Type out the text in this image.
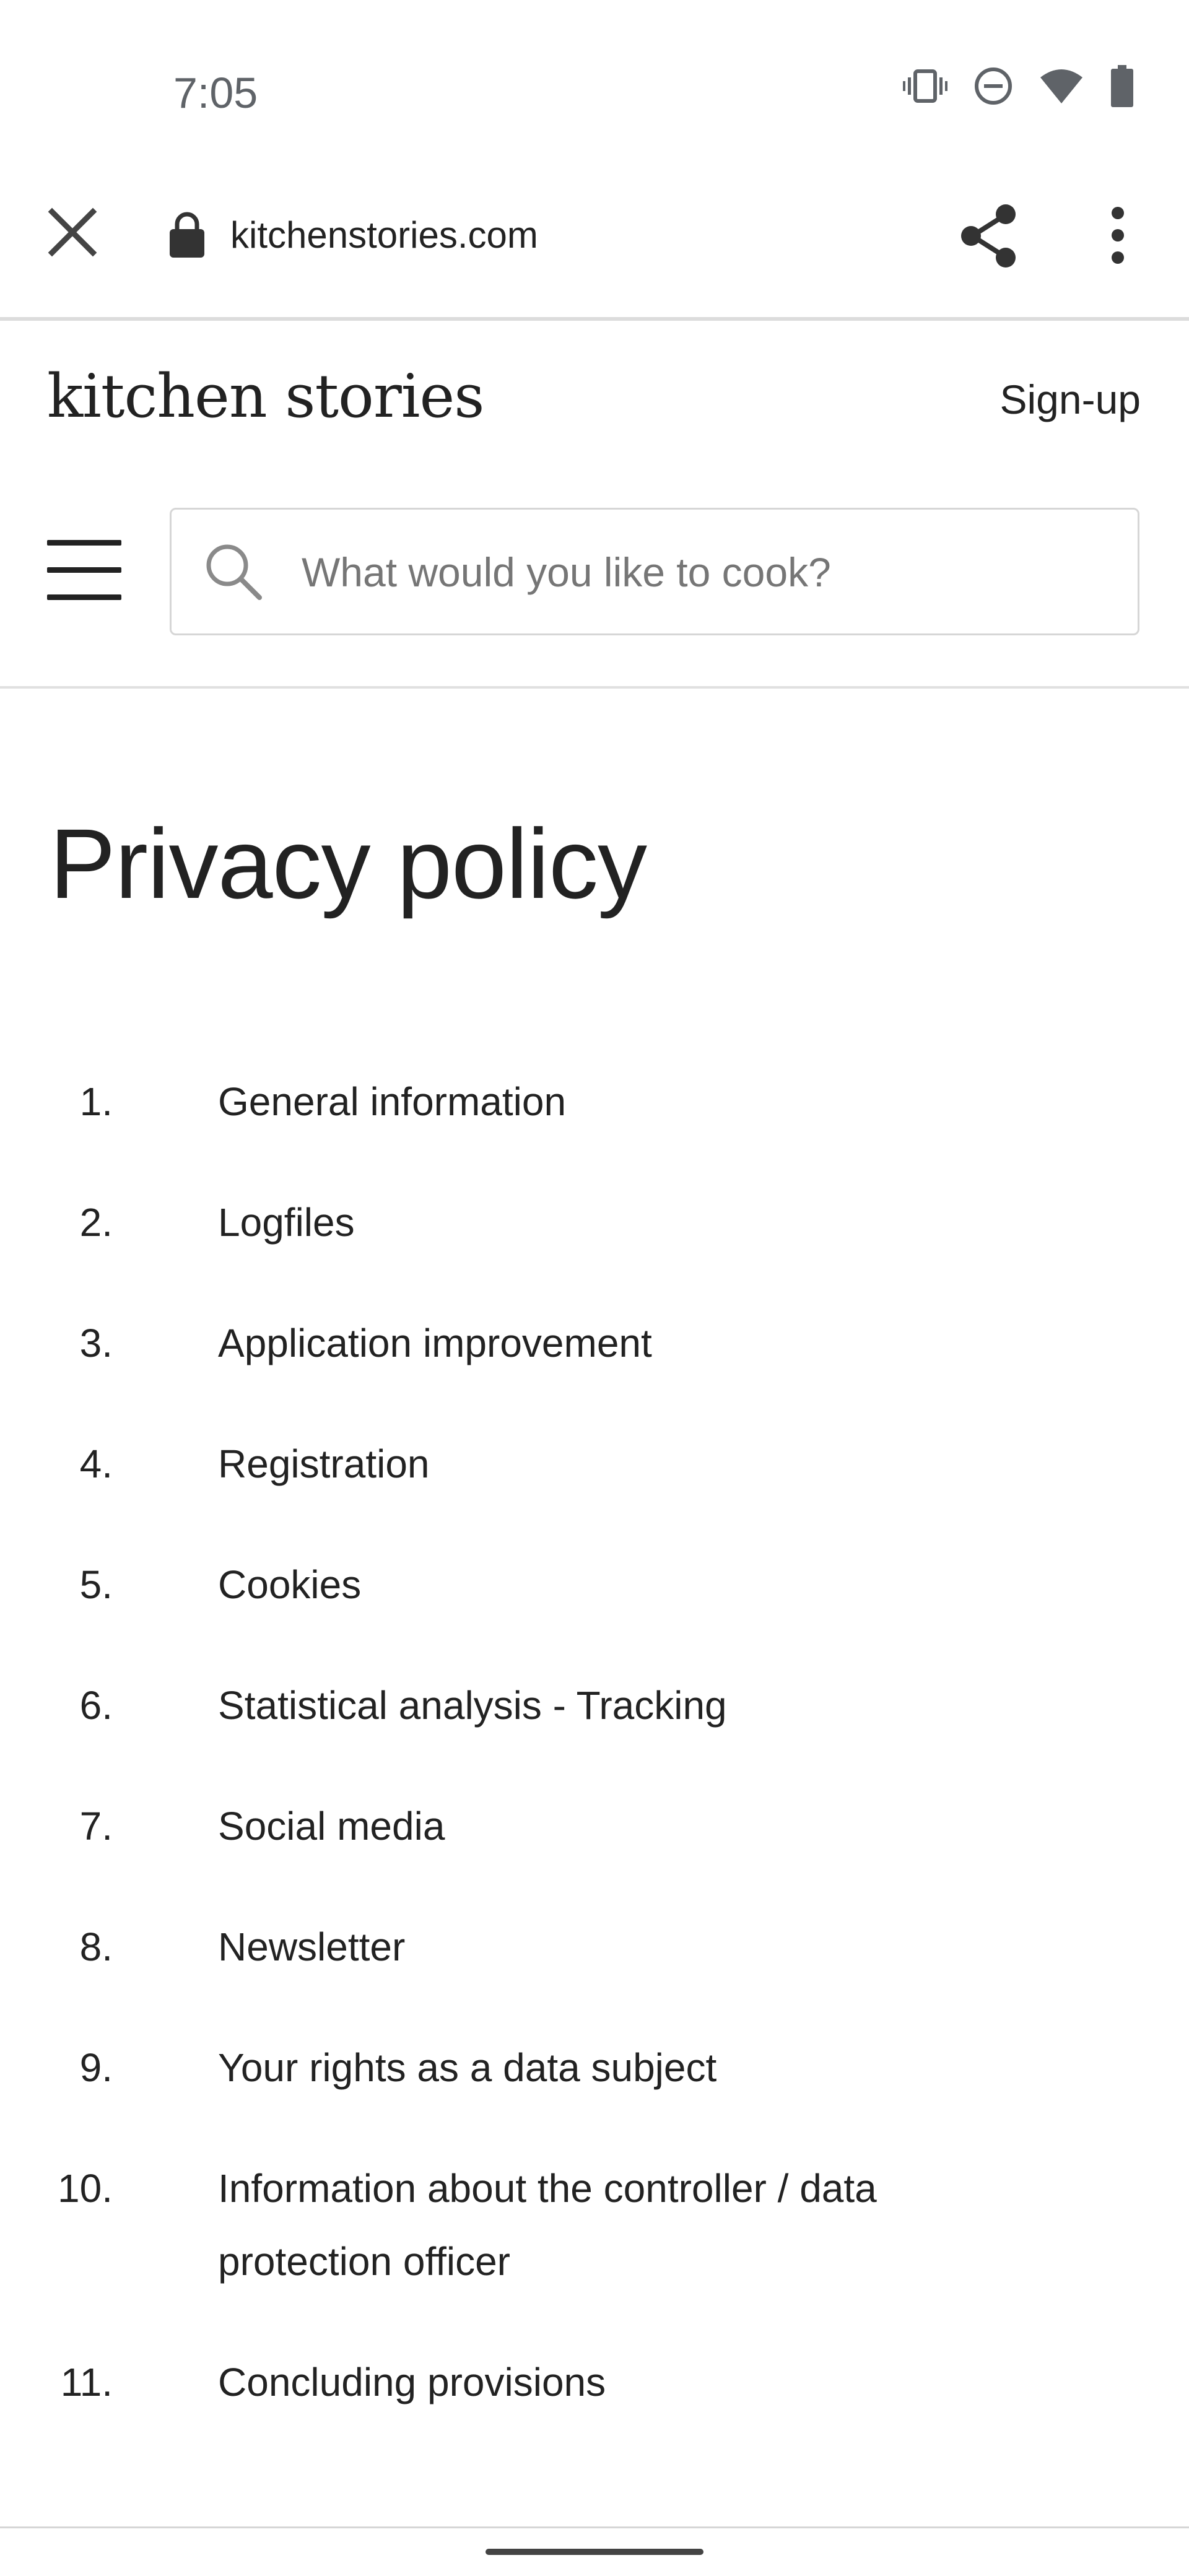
7:05
kitchenstories.com
kitchen stories	Sign-up
What would you like to cook?
Privacy policy
1.	General information
2.	Logfiles
3.	Application improvement
4.	Registration
5.	Cookies
6.	Statistical analysis - Tracking
7.	Social media
8.	Newsletter
9.	Your rights as a data subject
10.	Information about the controller / data protection officer
11.	Concluding provisions
